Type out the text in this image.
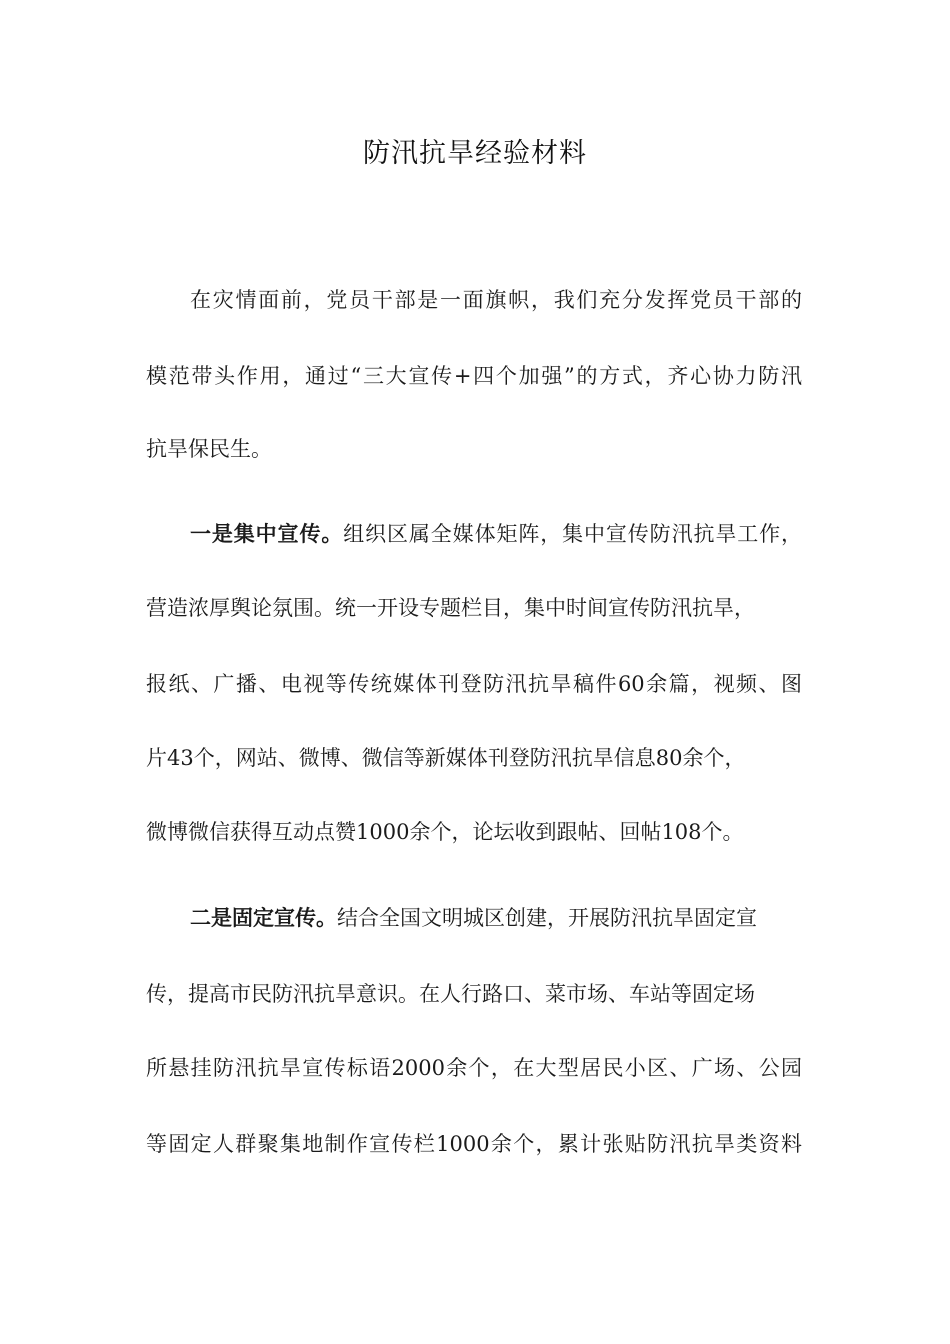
防汛抗旱经验材料
在灾情面前，党员干部是一面旗帜，我们充分发挥党员干部的
模范带头作用，通过“三大宣传+四个加强”的方式，齐心协力防汛
抗旱保民生。
一是集中宣传。组织区属全媒体矩阵，集中宣传防汛抗旱工作，
营造浓厚舆论氛围。统一开设专题栏目，集中时间宣传防汛抗旱，
报纸、广播、电视等传统媒体刊登防汛抗旱稿件60余篇，视频、图
片43个，网站、微博、微信等新媒体刊登防汛抗旱信息80余个，
微博微信获得互动点赞1000余个，论坛收到跟帖、回帖108个。
二是固定宣传。结合全国文明城区创建，开展防汛抗旱固定宣
传，提高市民防汛抗旱意识。在人行路口、菜市场、车站等固定场
所悬挂防汛抗旱宣传标语2000余个，在大型居民小区、广场、公园
等固定人群聚集地制作宣传栏1000余个，累计张贴防汛抗旱类资料
